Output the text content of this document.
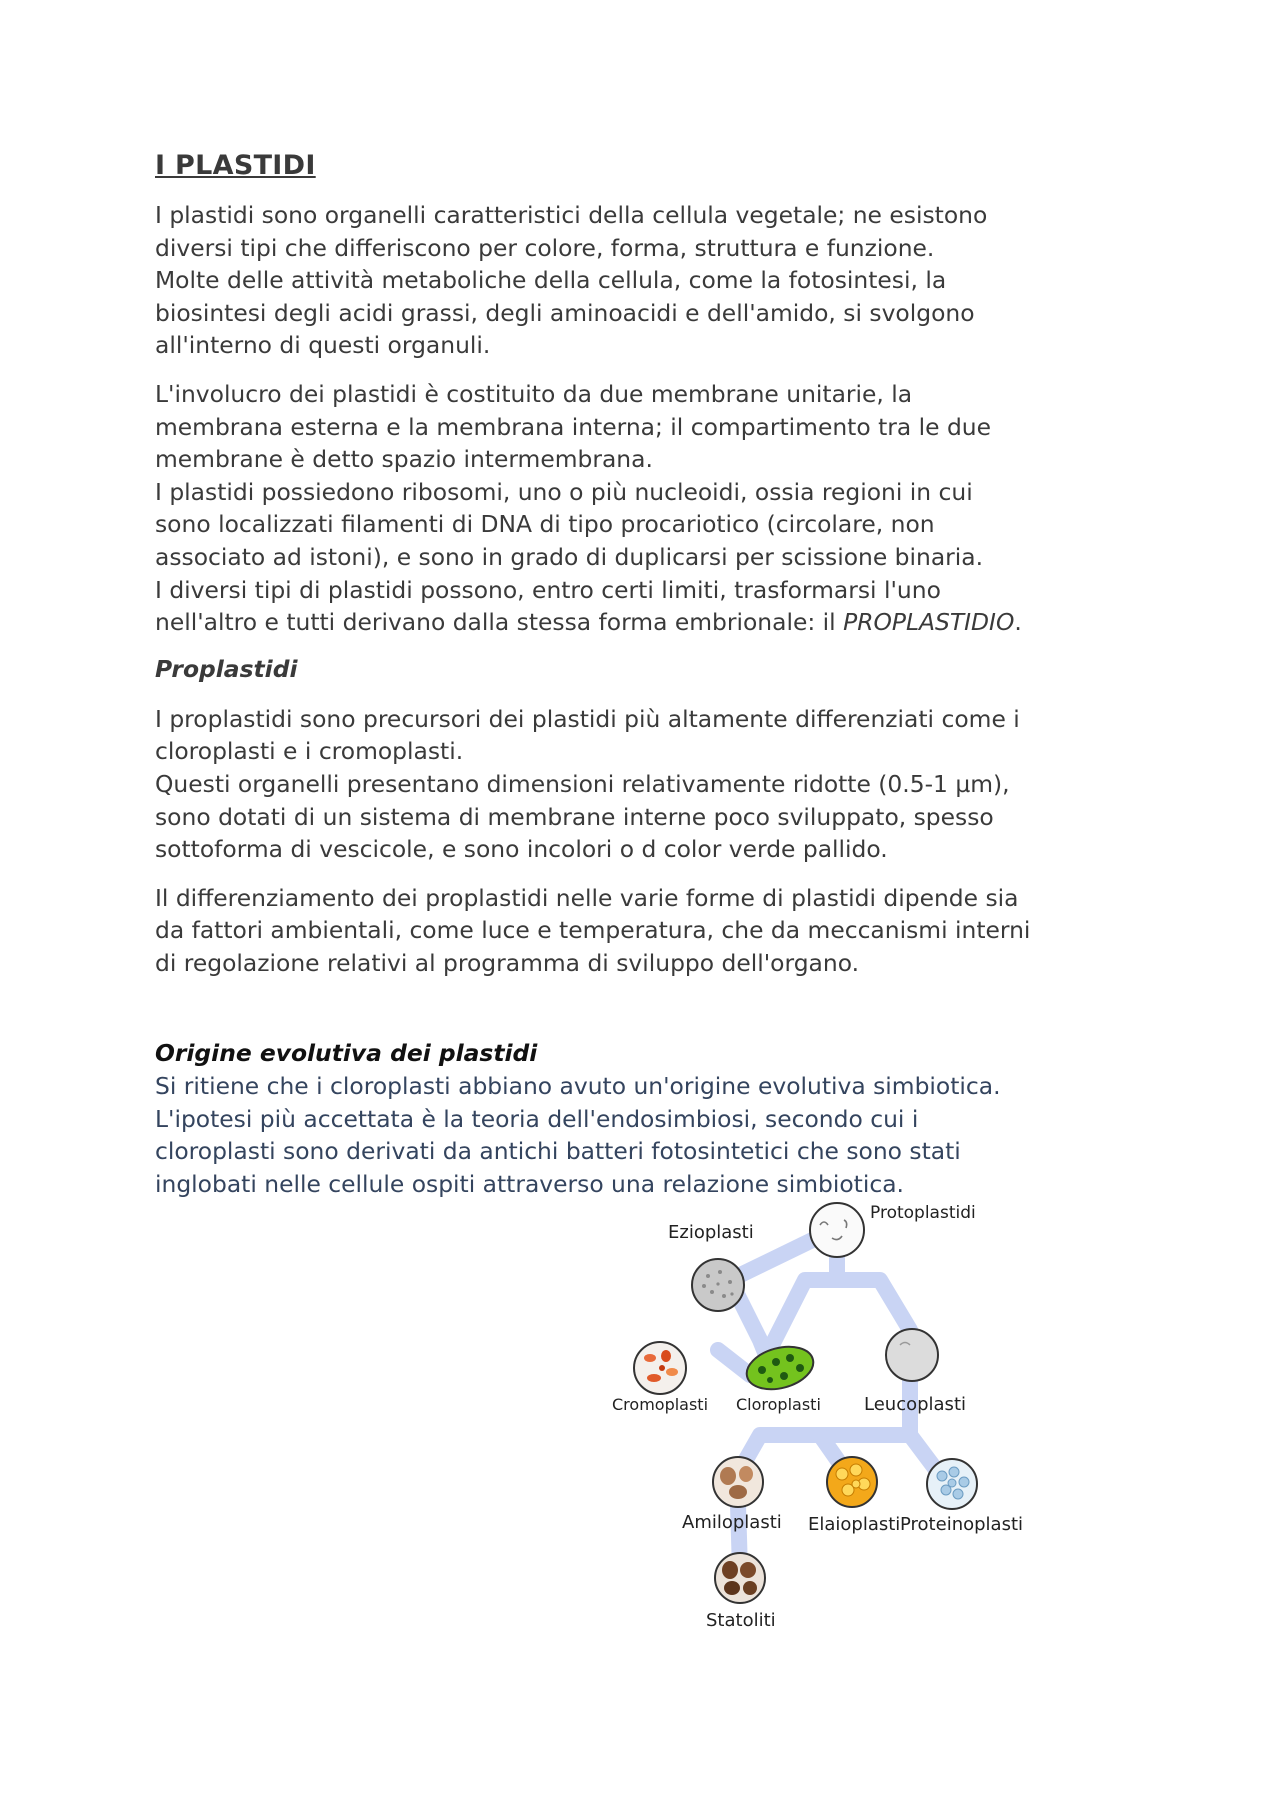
I PLASTIDI

I plastidi sono organelli caratteristici della cellula vegetale; ne esistono

diversi tipi che differiscono per colore, forma, struttura e funzione.

Molte delle attività metaboliche della cellula, come la fotosintesi, la

biosintesi degli acidi grassi, degli aminoacidi e dell'amido, si svolgono

all'interno di questi organuli.

L'involucro dei plastidi è costituito da due membrane unitarie, la

membrana esterna e la membrana interna; il compartimento tra le due

membrane è detto spazio intermembrana.

I plastidi possiedono ribosomi, uno o più nucleoidi, ossia regioni in cui

sono localizzati filamenti di DNA di tipo procariotico (circolare, non

associato ad istoni), e sono in grado di duplicarsi per scissione binaria.

I diversi tipi di plastidi possono, entro certi limiti, trasformarsi l'uno

nell'altro e tutti derivano dalla stessa forma embrionale: il PROPLASTIDIO.

Proplastidi

I proplastidi sono precursori dei plastidi più altamente differenziati come i

cloroplasti e i cromoplasti.

Questi organelli presentano dimensioni relativamente ridotte (0.5-1 µm),

sono dotati di un sistema di membrane interne poco sviluppato, spesso

sottoforma di vescicole, e sono incolori o d color verde pallido.

Il differenziamento dei proplastidi nelle varie forme di plastidi dipende sia

da fattori ambientali, come luce e temperatura, che da meccanismi interni

di regolazione relativi al programma di sviluppo dell'organo.

Origine evolutiva dei plastidi

Si ritiene che i cloroplasti abbiano avuto un'origine evolutiva simbiotica.

L'ipotesi più accettata è la teoria dell'endosimbiosi, secondo cui i

cloroplasti sono derivati da antichi batteri fotosintetici che sono stati

inglobati nelle cellule ospiti attraverso una relazione simbiotica.

Protoplastidi
Ezioplasti
Cromoplasti Cloroplasti Leucoplasti
Amiloplasti Elaioplasti Proteinoplasti
Statoliti
